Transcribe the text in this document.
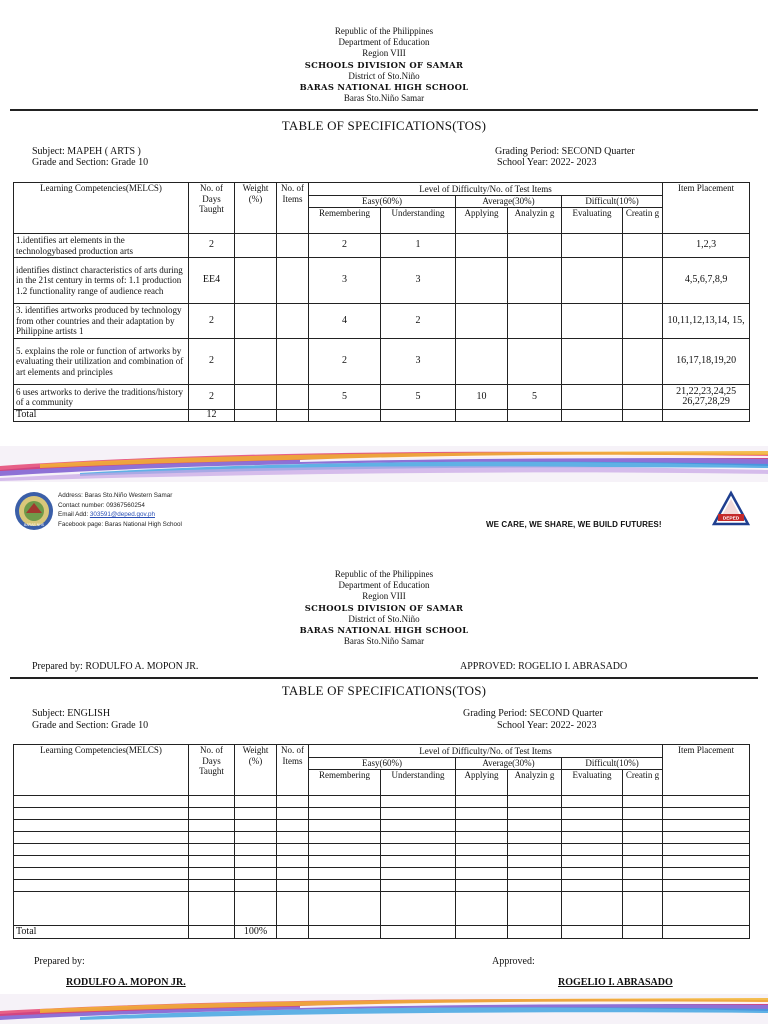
Republic of the Philippines
Department of Education
Region VIII
SCHOOLS DIVISION OF SAMAR
District of Sto.Niño
BARAS NATIONAL HIGH SCHOOL
Baras Sto.Niño Samar
TABLE OF SPECIFICATIONS(TOS)
Subject: MAPEH ( ARTS )
Grade and Section: Grade 10
Grading Period: SECOND Quarter
School Year: 2022- 2023
Learning Competencies(MELCS)	No. of Days Taught	Weight (%)	No. of Items	Level of Difficulty/No. of Test Items						Item Placement
				Easy(60%)		Average(30%)		Difficult(10%)		
				Remembering	Understanding	Applying	Analyzin g	Evaluating	Creatin g	
1.identifies art elements in the technologybased production arts	2			2	1					1,2,3
identifies distinct characteristics of arts during in the 21st century in terms of: 1.1 production 1.2 functionality range of audience reach	EE4			3	3					4,5,6,7,8,9
3. identifies artworks produced by technology from other countries and their adaptation by Philippine artists 1	2			4	2					10,11,12,13,14, 15,
5. explains the role or function of artworks by evaluating their utilization and combination of art elements and principles	2			2	3					16,17,18,19,20
6 uses artworks to derive the traditions/history of a community	2			5	5	10	5			21,22,23,24,25 26,27,28,29
Total	12									
BARAS NHS
Address: Baras Sto.Niño Western Samar
Contact number: 09367560254
Email Add: 303591@deped.gov.ph
Facebook page: Baras National High School	WE CARE, WE SHARE, WE BUILD FUTURES!
DEPED
Republic of the Philippines
Department of Education
Region VIII
SCHOOLS DIVISION OF SAMAR
District of Sto.Niño
BARAS NATIONAL HIGH SCHOOL
Baras Sto.Niño Samar
Prepared by: RODULFO A. MOPON JR.	APPROVED: ROGELIO I. ABRASADO
TABLE OF SPECIFICATIONS(TOS)
Subject: ENGLISH
Grade and Section: Grade 10
Grading Period: SECOND Quarter
School Year: 2022- 2023
Learning Competencies(MELCS)	No. of Days Taught	Weight (%)	No. of Items	Level of Difficulty/No. of Test Items						Item Placement
				Easy(60%)		Average(30%)		Difficult(10%)		
				Remembering	Understanding	Applying	Analyzin g	Evaluating	Creatin g	

Total		100%								
Prepared by:	Approved:
RODULFO A. MOPON JR.	ROGELIO I. ABRASADO
